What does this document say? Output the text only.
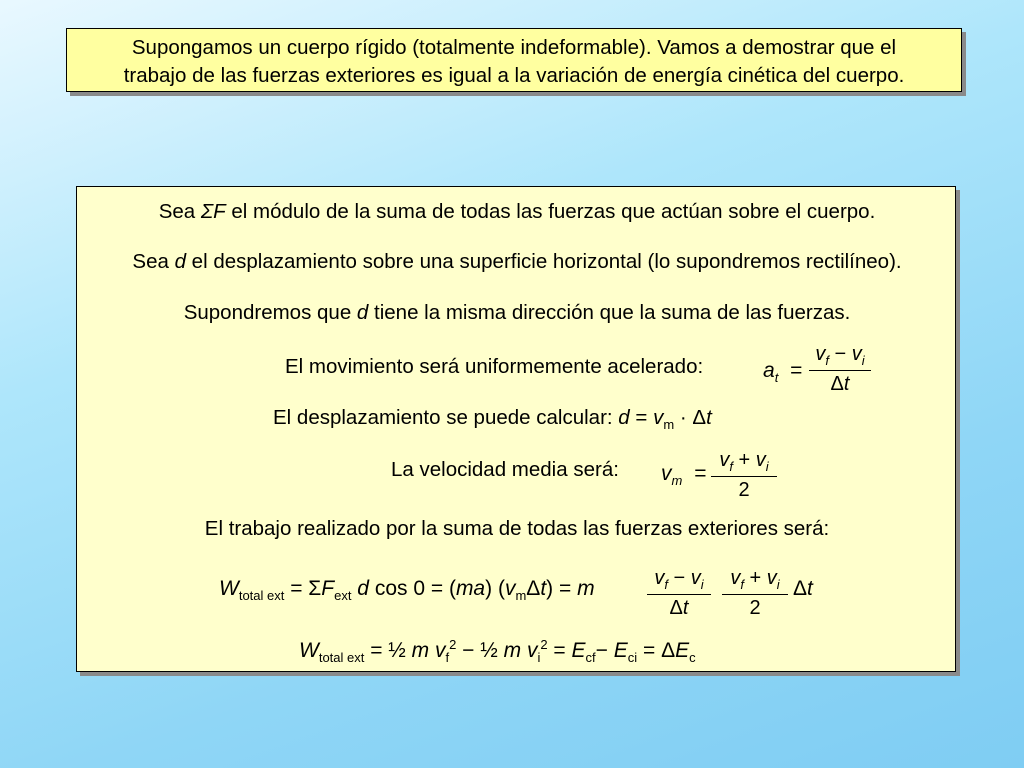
Supongamos un cuerpo rígido (totalmente indeformable). Vamos a demostrar que el
trabajo de las fuerzas exteriores es igual a la variación de energía cinética del cuerpo.
Sea ΣF el módulo de la suma de todas las fuerzas que actúan sobre el cuerpo.
Sea d el desplazamiento sobre una superficie horizontal (lo supondremos rectilíneo).
Supondremos que d tiene la misma dirección que la suma de las fuerzas.
El movimiento será uniformemente acelerado:	$a_t$ =
$v_f - v_i$
Δt
El desplazamiento se puede calcular: $d = v_m \cdot \Delta t$
La velocidad media será: $v_m$ =
$v_f + v_i$
2
El trabajo realizado por la suma de todas las fuerzas exteriores será:
$W_{total ext} = \Sigma F_{ext}$ d cos 0 = (ma) $(v_m\Delta t) = m$	$v_f - v_i$
Δt
$v_f + v_i$
2
Δt
$W_{total ext}$ = ½ m $v_f^2$ − ½ m $v_i^2 = E_{cf}- E_{ci} = \Delta E_c$
